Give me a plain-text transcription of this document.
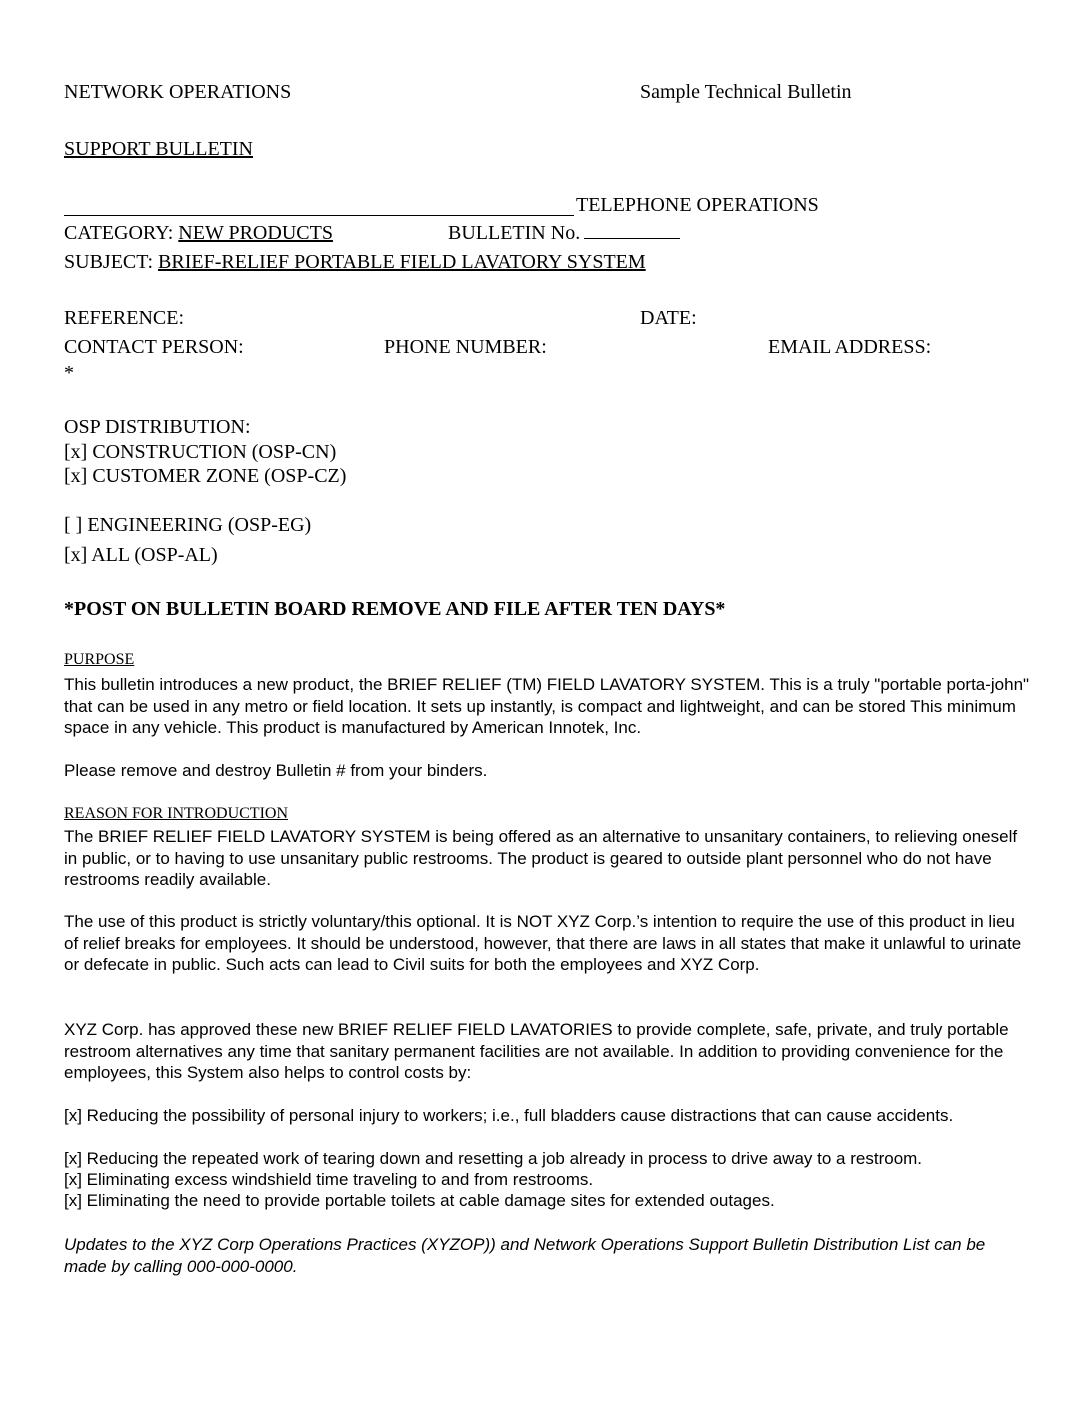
NETWORK OPERATIONS	Sample Technical Bulletin
SUPPORT BULLETIN
TELEPHONE OPERATIONS
CATEGORY: NEW PRODUCTS	BULLETIN No.
SUBJECT: BRIEF-RELIEF PORTABLE FIELD LAVATORY SYSTEM
REFERENCE:	DATE:
CONTACT PERSON:	PHONE NUMBER:	EMAIL ADDRESS:
*
OSP DISTRIBUTION:
[x] CONSTRUCTION (OSP-CN)
[x] CUSTOMER ZONE (OSP-CZ)
[ ] ENGINEERING (OSP-EG)
[x] ALL (OSP-AL)
*POST ON BULLETIN BOARD REMOVE AND FILE AFTER TEN DAYS*
PURPOSE

This bulletin introduces a new product, the BRIEF RELIEF (TM) FIELD LAVATORY SYSTEM. This is a truly "portable porta-john" that can be used in any metro or field location. It sets up instantly, is compact and lightweight, and can be stored This minimum space in any vehicle. This product is manufactured by American Innotek, Inc.

Please remove and destroy Bulletin # from your binders.

REASON FOR INTRODUCTION

The BRIEF RELIEF FIELD LAVATORY SYSTEM is being offered as an alternative to unsanitary containers, to relieving oneself in public, or to having to use unsanitary public restrooms. The product is geared to outside plant personnel who do not have restrooms readily available.

The use of this product is strictly voluntary/this optional. It is NOT XYZ Corp.’s intention to require the use of this product in lieu of relief breaks for employees. It should be understood, however, that there are laws in all states that make it unlawful to urinate or defecate in public. Such acts can lead to Civil suits for both the employees and XYZ Corp.

XYZ Corp. has approved these new BRIEF RELIEF FIELD LAVATORIES to provide complete, safe, private, and truly portable restroom alternatives any time that sanitary permanent facilities are not available. In addition to providing convenience for the employees, this System also helps to control costs by:

[x] Reducing the possibility of personal injury to workers; i.e., full bladders cause distractions that can cause accidents.

[x] Reducing the repeated work of tearing down and resetting a job already in process to drive away to a restroom.

[x] Eliminating excess windshield time traveling to and from restrooms.

[x] Eliminating the need to provide portable toilets at cable damage sites for extended outages.

Updates to the XYZ Corp Operations Practices (XYZOP)) and Network Operations Support Bulletin Distribution List can be made by calling 000-000-0000.
